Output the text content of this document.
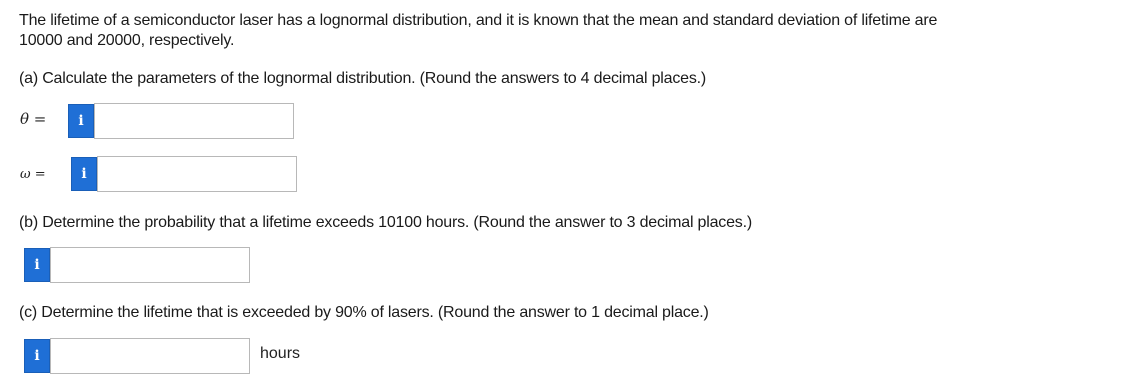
The lifetime of a semiconductor laser has a lognormal distribution, and it is known that the mean and standard deviation of lifetime are
10000 and 20000, respectively.
(a) Calculate the parameters of the lognormal distribution. (Round the answers to 4 decimal places.)
θ =	i
ω =	i
(b) Determine the probability that a lifetime exceeds 10100 hours. (Round the answer to 3 decimal places.)
i
(c) Determine the lifetime that is exceeded by 90% of lasers. (Round the answer to 1 decimal place.)
i	hours
